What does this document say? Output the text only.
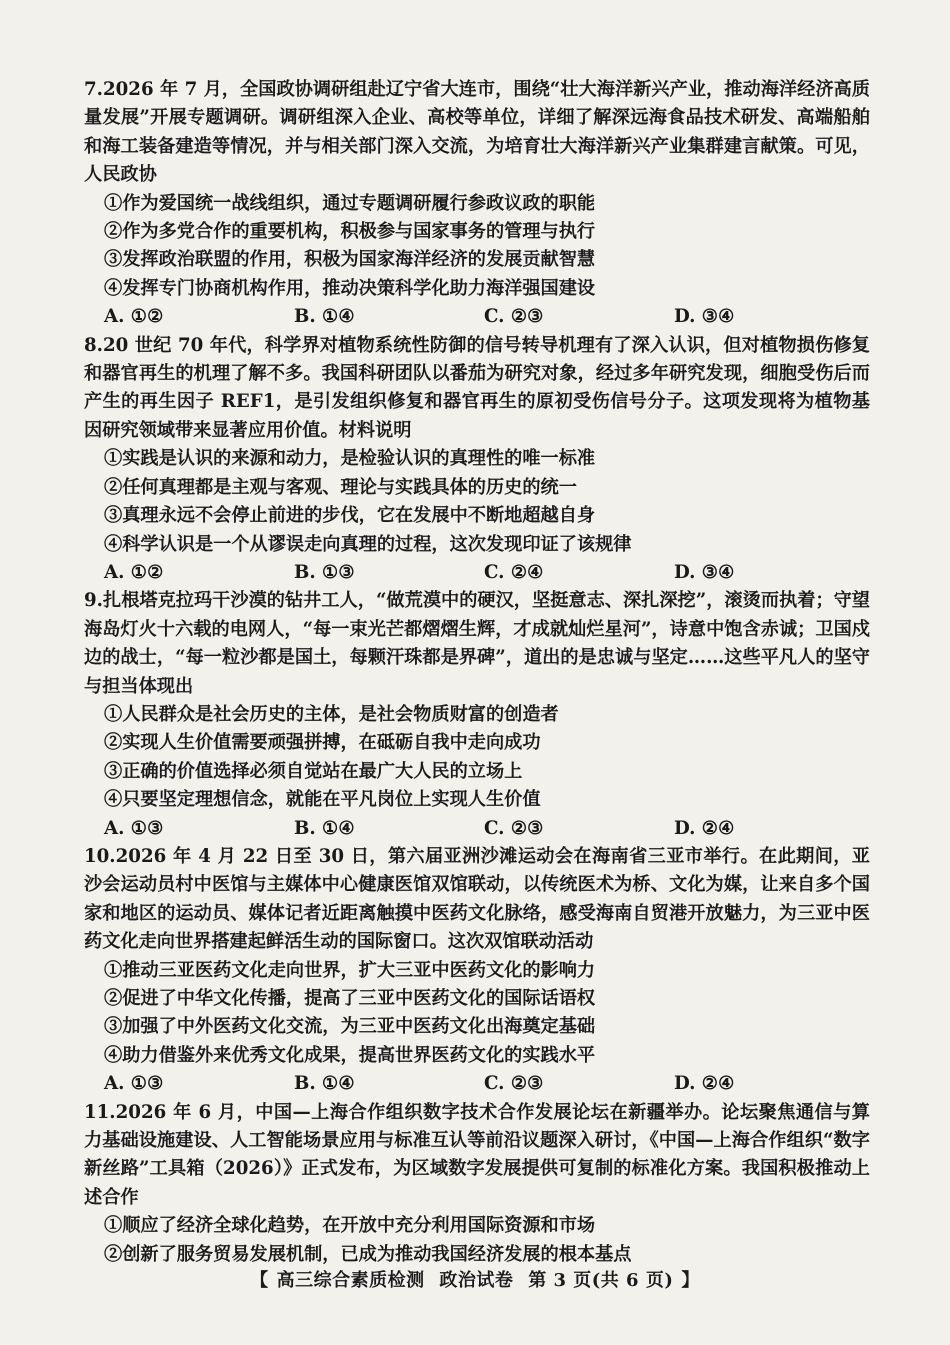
7.2026 年 7 月，全国政协调研组赴辽宁省大连市，围绕“壮大海洋新兴产业，推动海洋经济高质量发展”开展专题调研。调研组深入企业、高校等单位，详细了解深远海食品技术研发、高端船舶和海工装备建造等情况，并与相关部门深入交流，为培育壮大海洋新兴产业集群建言献策。可见，人民政协

①作为爱国统一战线组织，通过专题调研履行参政议政的职能

②作为多党合作的重要机构，积极参与国家事务的管理与执行

③发挥政治联盟的作用，积极为国家海洋经济的发展贡献智慧

④发挥专门协商机构作用，推动决策科学化助力海洋强国建设

A. ①②	B. ①④	C. ②③	D. ③④

8.20 世纪 70 年代，科学界对植物系统性防御的信号转导机理有了深入认识，但对植物损伤修复和器官再生的机理了解不多。我国科研团队以番茄为研究对象，经过多年研究发现，细胞受伤后而产生的再生因子 REF1，是引发组织修复和器官再生的原初受伤信号分子。这项发现将为植物基因研究领域带来显著应用价值。材料说明

①实践是认识的来源和动力，是检验认识的真理性的唯一标准

②任何真理都是主观与客观、理论与实践具体的历史的统一

③真理永远不会停止前进的步伐，它在发展中不断地超越自身

④科学认识是一个从谬误走向真理的过程，这次发现印证了该规律

A. ①②	B. ①③	C. ②④	D. ③④

9.扎根塔克拉玛干沙漠的钻井工人，“做荒漠中的硬汉，坚挺意志、深扎深挖”，滚烫而执着；守望海岛灯火十六载的电网人，“每一束光芒都熠熠生辉，才成就灿烂星河”，诗意中饱含赤诚；卫国戍边的战士，“每一粒沙都是国土，每颗汗珠都是界碑”，道出的是忠诚与坚定……这些平凡人的坚守与担当体现出

①人民群众是社会历史的主体，是社会物质财富的创造者

②实现人生价值需要顽强拼搏，在砥砺自我中走向成功

③正确的价值选择必须自觉站在最广大人民的立场上

④只要坚定理想信念，就能在平凡岗位上实现人生价值

A. ①③	B. ①④	C. ②③	D. ②④

10.2026 年 4 月 22 日至 30 日，第六届亚洲沙滩运动会在海南省三亚市举行。在此期间，亚沙会运动员村中医馆与主媒体中心健康医馆双馆联动，以传统医术为桥、文化为媒，让来自多个国家和地区的运动员、媒体记者近距离触摸中医药文化脉络，感受海南自贸港开放魅力，为三亚中医药文化走向世界搭建起鲜活生动的国际窗口。这次双馆联动活动

①推动三亚医药文化走向世界，扩大三亚中医药文化的影响力

②促进了中华文化传播，提高了三亚中医药文化的国际话语权

③加强了中外医药文化交流，为三亚中医药文化出海奠定基础

④助力借鉴外来优秀文化成果，提高世界医药文化的实践水平

A. ①③	B. ①④	C. ②③	D. ②④

11.2026 年 6 月，中国—上海合作组织数字技术合作发展论坛在新疆举办。论坛聚焦通信与算力基础设施建设、人工智能场景应用与标准互认等前沿议题深入研讨，《中国—上海合作组织“数字新丝路”工具箱（2026）》正式发布，为区域数字发展提供可复制的标准化方案。我国积极推动上述合作

①顺应了经济全球化趋势，在开放中充分利用国际资源和市场

②创新了服务贸易发展机制，已成为推动我国经济发展的根本基点

【 高三综合素质检测 政治试卷 第 3 页(共 6 页) 】
